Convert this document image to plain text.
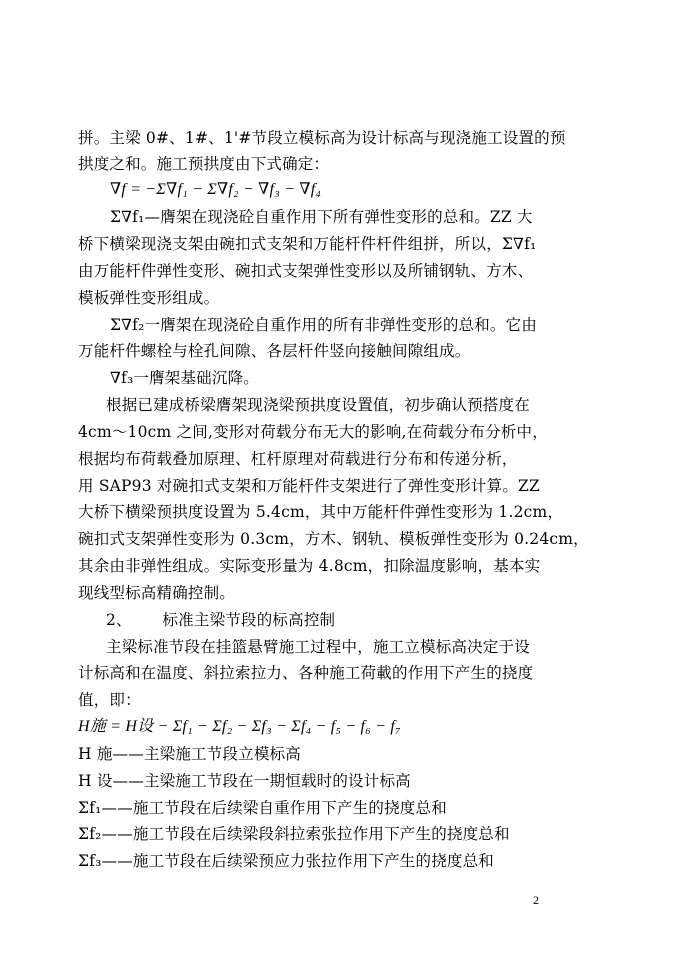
拼。主梁 0#、1#、1'#节段立模标高为设计标高与现浇施工设置的预
拱度之和。施工预拱度由下式确定：
∇f = −Σ∇f₁ − Σ∇f₂ − ∇f₃ − ∇f₄
Σ∇f₁—膺架在现浇砼自重作用下所有弹性变形的总和。ZZ 大
桥下横梁现浇支架由碗扣式支架和万能杆件杆件组拼，所以，Σ∇f₁
由万能杆件弹性变形、碗扣式支架弹性变形以及所铺钢轨、方木、
模板弹性变形组成。
Σ∇f₂一膺架在现浇砼自重作用的所有非弹性变形的总和。它由
万能杆件螺栓与栓孔间隙、各层杆件竖向接触间隙组成。
∇f₃一膺架基础沉降。
根据已建成桥梁膺架现浇梁预拱度设置值，初步确认预搭度在
4cm～10cm 之间,变形对荷载分布无大的影响,在荷载分布分析中，
根据均布荷载叠加原理、杠杆原理对荷载进行分布和传递分析，
用 SAP93 对碗扣式支架和万能杆件支架进行了弹性变形计算。ZZ
大桥下横梁预拱度设置为 5.4cm，其中万能杆件弹性变形为 1.2cm，
碗扣式支架弹性变形为 0.3cm，方木、钢轨、模板弹性变形为 0.24cm，
其余由非弹性组成。实际变形量为 4.8cm，扣除温度影响，基本实
现线型标高精确控制。
2、      标准主梁节段的标高控制
主梁标准节段在挂篮悬臂施工过程中，施工立模标高决定于设
计标高和在温度、斜拉索拉力、各种施工荷載的作用下产生的挠度
值，即：
H施 = H设 − Σf₁ − Σf₂ − Σf₃ − Σf₄ − f₅ − f₆ − f₇
H 施——主梁施工节段立模标高
H 设——主梁施工节段在一期恒载时的设计标高
Σf₁——施工节段在后续梁自重作用下产生的挠度总和
Σf₂——施工节段在后续梁段斜拉索张拉作用下产生的挠度总和
Σf₃——施工节段在后续梁预应力张拉作用下产生的挠度总和
2
